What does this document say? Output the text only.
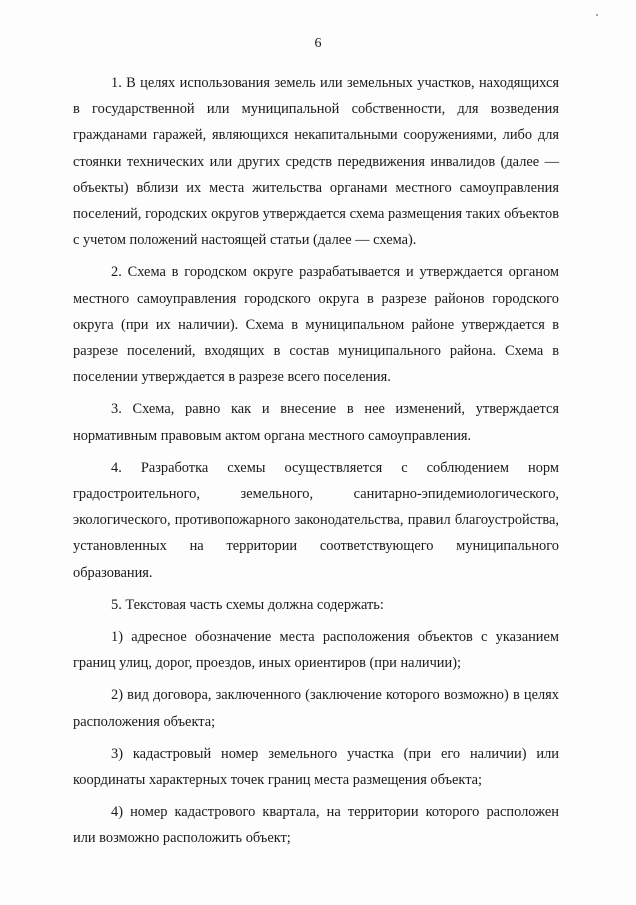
6

1. В целях использования земель или земельных участков, находящихся в государственной или муниципальной собственности, для возведения гражданами гаражей, являющихся некапитальными сооружениями, либо для стоянки технических или других средств передвижения инвалидов (далее — объекты) вблизи их места жительства органами местного самоуправления поселений, городских округов утверждается схема размещения таких объектов с учетом положений настоящей статьи (далее — схема).

2. Схема в городском округе разрабатывается и утверждается органом местного самоуправления городского округа в разрезе районов городского округа (при их наличии). Схема в муниципальном районе утверждается в разрезе поселений, входящих в состав муниципального района. Схема в поселении утверждается в разрезе всего поселения.

3. Схема, равно как и внесение в нее изменений, утверждается нормативным правовым актом органа местного самоуправления.

4. Разработка схемы осуществляется с соблюдением норм градостроительного, земельного, санитарно-эпидемиологического, экологического, противопожарного законодательства, правил благоустройства, установленных на территории соответствующего муниципального образования.

5. Текстовая часть схемы должна содержать:

1) адресное обозначение места расположения объектов с указанием границ улиц, дорог, проездов, иных ориентиров (при наличии);

2) вид договора, заключенного (заключение которого возможно) в целях расположения объекта;

3) кадастровый номер земельного участка (при его наличии) или координаты характерных точек границ места размещения объекта;

4) номер кадастрового квартала, на территории которого расположен или возможно расположить объект;
